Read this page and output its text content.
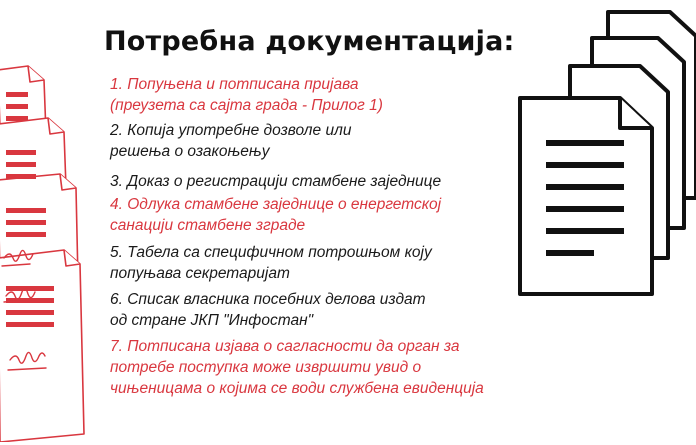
Потребна документација:
1. Попуњена и потписана пријава
(преузета са сајта града - Прилог 1)
2. Копија употребне дозволе или
решења о озакоњењу
3. Доказ о регистрацији стамбене заједнице
4. Одлука стамбене заједнице о енергетској
санацији стамбене зграде
5. Табела са специфичном потрошњом коју
попуњава секретаријат
6. Списак власника посебних делова издат
од стране ЈКП "Инфостан"
7. Потписана изјава о сагласности да орган за
потребе поступка може извршити увид о
чињеницама о којима се води службена евиденција
